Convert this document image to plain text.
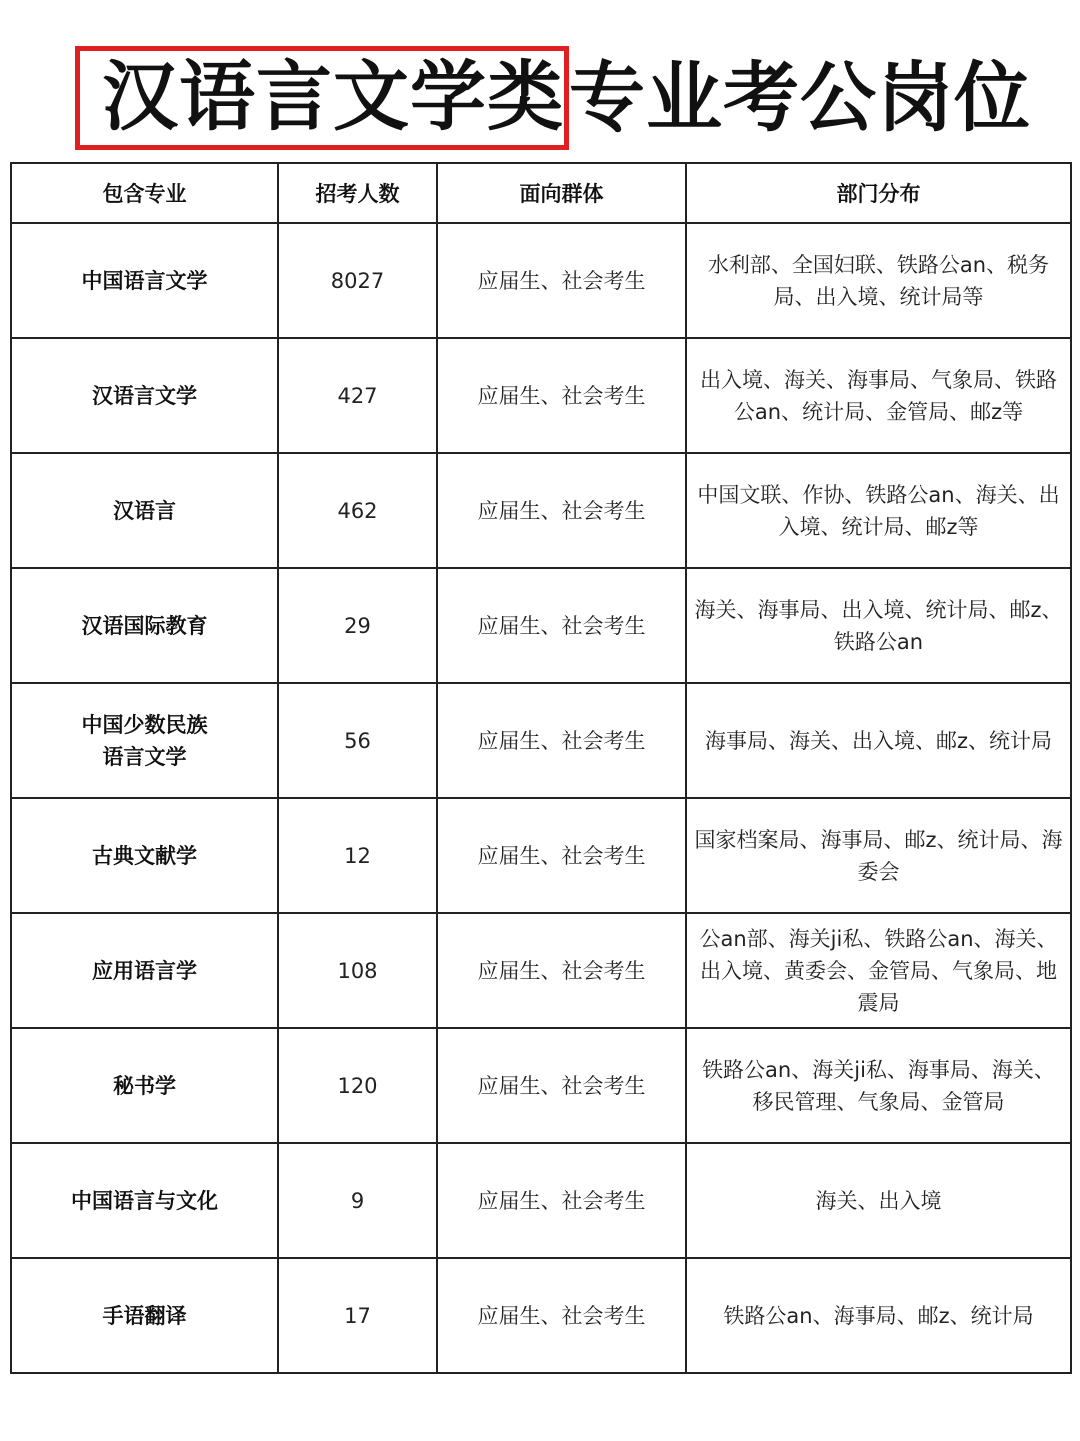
汉语言文学类 专业考公岗位
包含专业	招考人数	面向群体	部门分布

中国语言文学	8027	应届生、社会考生	水利部、全国妇联、铁路公an、税务局、出入境、统计局等

汉语言文学	427	应届生、社会考生	出入境、海关、海事局、气象局、铁路公an、统计局、金管局、邮z等

汉语言	462	应届生、社会考生	中国文联、作协、铁路公an、海关、出入境、统计局、邮z等

汉语国际教育	29	应届生、社会考生	海关、海事局、出入境、统计局、邮z、铁路公an

中国少数民族
语言文学	56	应届生、社会考生	海事局、海关、出入境、邮z、统计局

古典文献学	12	应届生、社会考生	国家档案局、海事局、邮z、统计局、海委会

应用语言学	108	应届生、社会考生	公an部、海关ji私、铁路公an、海关、出入境、黄委会、金管局、气象局、地震局

秘书学	120	应届生、社会考生	铁路公an、海关ji私、海事局、海关、移民管理、气象局、金管局

中国语言与文化	9	应届生、社会考生	海关、出入境

手语翻译	17	应届生、社会考生	铁路公an、海事局、邮z、统计局
